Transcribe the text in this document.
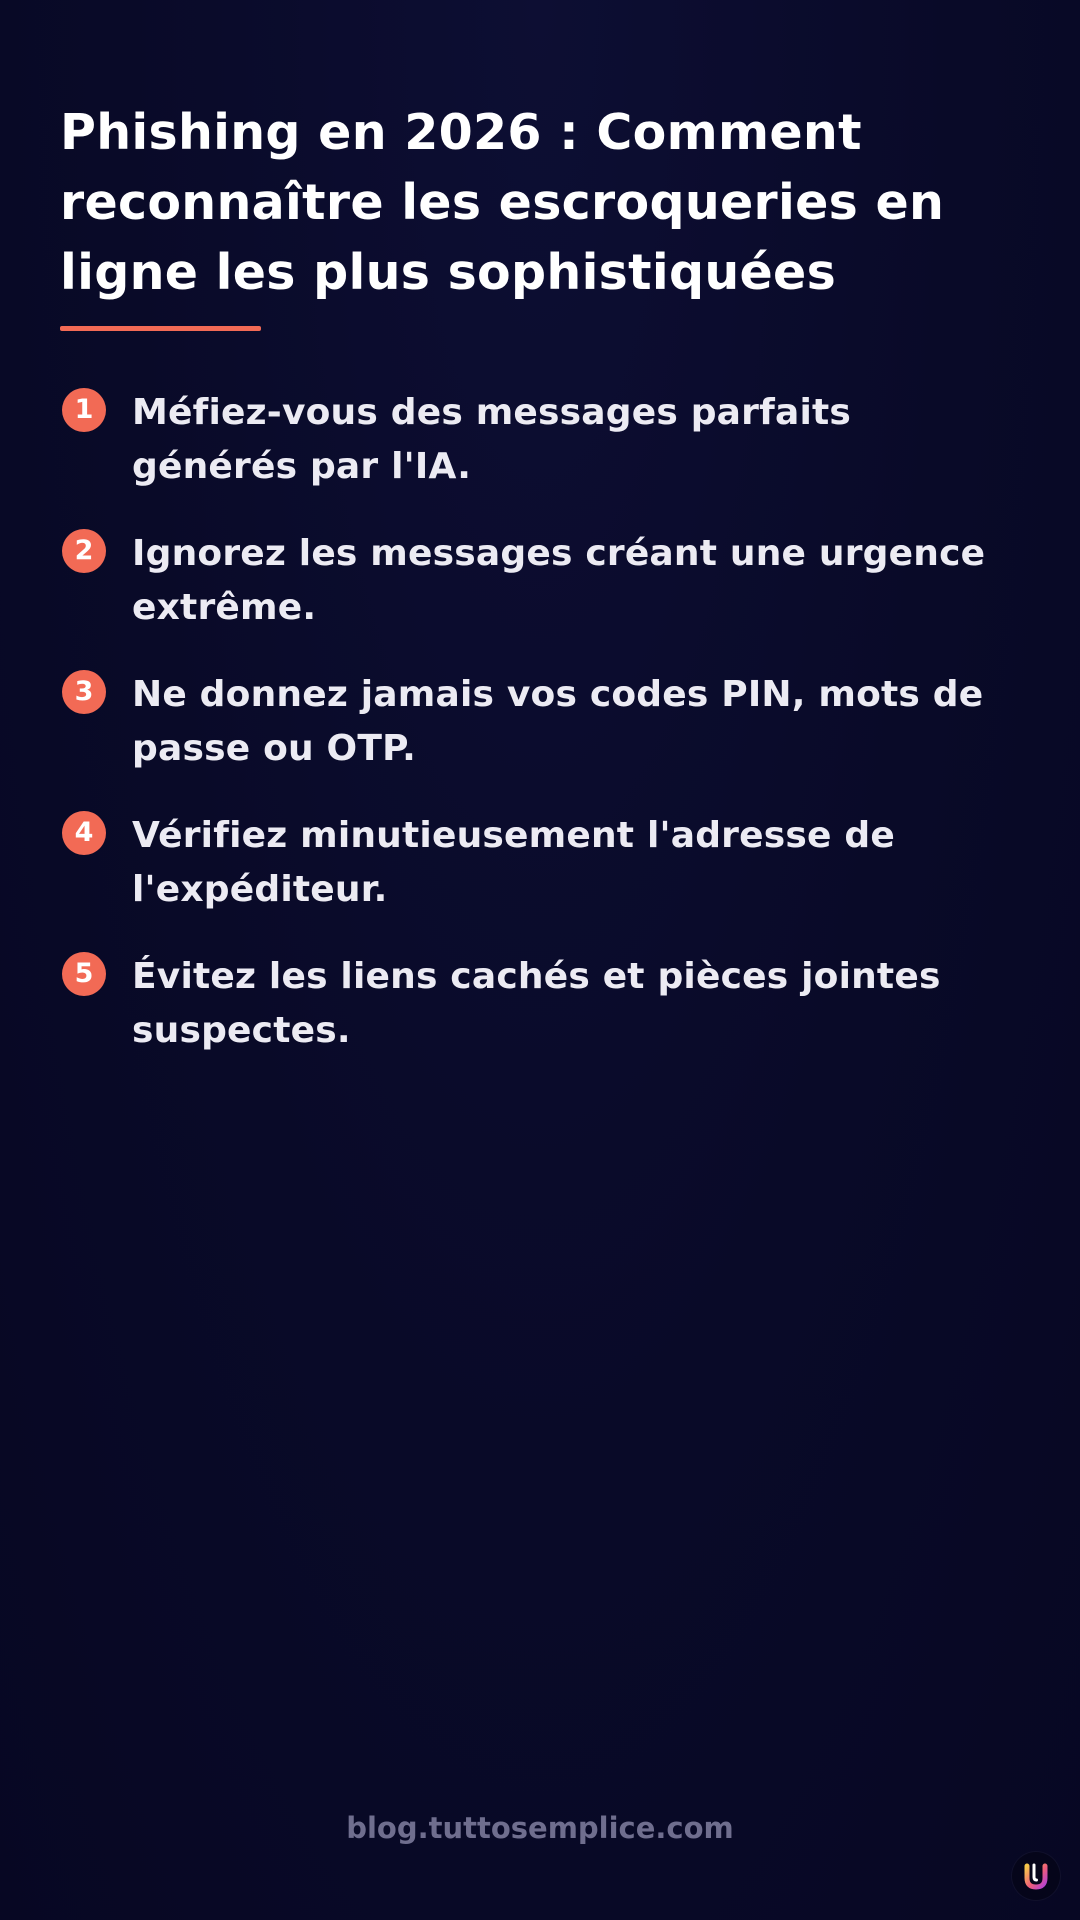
Phishing en 2026 : Comment reconnaître les escroqueries en ligne les plus sophistiquées
1	Méfiez-vous des messages parfaits générés par l'IA.
2	Ignorez les messages créant une urgence extrême.
3	Ne donnez jamais vos codes PIN, mots de passe ou OTP.
4	Vérifiez minutieusement l'adresse de l'expéditeur.
5	Évitez les liens cachés et pièces jointes suspectes.
blog.tuttosemplice.com
